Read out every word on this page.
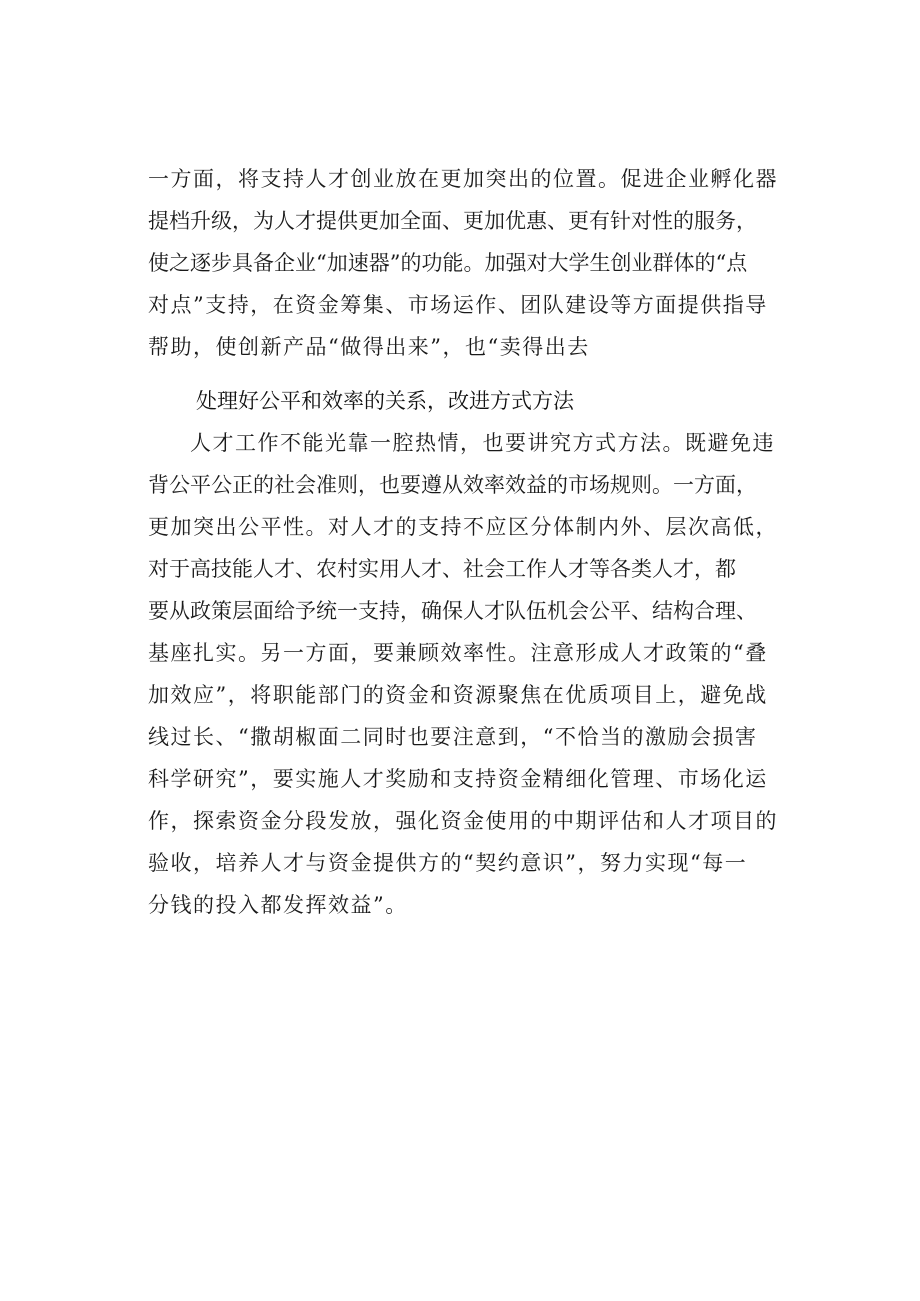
一方面，将支持人才创业放在更加突出的位置。促进企业孵化器
提档升级，为人才提供更加全面、更加优惠、更有针对性的服务，
使之逐步具备企业“加速器”的功能。加强对大学生创业群体的“点
对点”支持，在资金筹集、市场运作、团队建设等方面提供指导
帮助，使创新产品“做得出来”，也“卖得出去
处理好公平和效率的关系，改进方式方法
人才工作不能光靠一腔热情，也要讲究方式方法。既避免违
背公平公正的社会准则，也要遵从效率效益的市场规则。一方面，
更加突出公平性。对人才的支持不应区分体制内外、层次高低，
对于高技能人才、农村实用人才、社会工作人才等各类人才，都
要从政策层面给予统一支持，确保人才队伍机会公平、结构合理、
基座扎实。另一方面，要兼顾效率性。注意形成人才政策的“叠
加效应”，将职能部门的资金和资源聚焦在优质项目上，避免战
线过长、“撒胡椒面二同时也要注意到，“不恰当的激励会损害
科学研究”，要实施人才奖励和支持资金精细化管理、市场化运
作，探索资金分段发放，强化资金使用的中期评估和人才项目的
验收，培养人才与资金提供方的“契约意识”，努力实现“每一
分钱的投入都发挥效益”。
